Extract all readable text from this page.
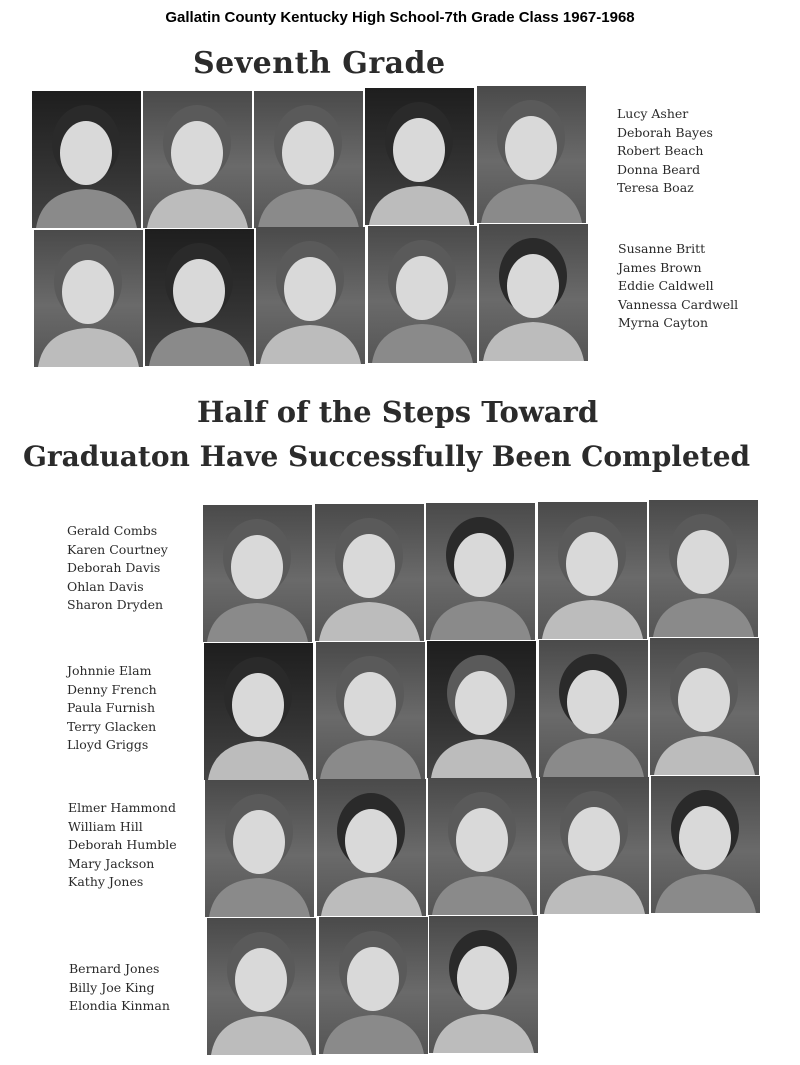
Gallatin County Kentucky High School-7th Grade Class 1967-1968
Seventh Grade
Half of the Steps Toward
Graduaton Have Successfully Been Completed
Lucy Asher
Deborah Bayes
Robert Beach
Donna Beard
Teresa Boaz
Susanne Britt
James Brown
Eddie Caldwell
Vannessa Cardwell
Myrna Cayton
Gerald Combs
Karen Courtney
Deborah Davis
Ohlan Davis
Sharon Dryden
Johnnie Elam
Denny French
Paula Furnish
Terry Glacken
Lloyd Griggs
Elmer Hammond
William Hill
Deborah Humble
Mary Jackson
Kathy Jones
Bernard Jones
Billy Joe King
Elondia Kinman
